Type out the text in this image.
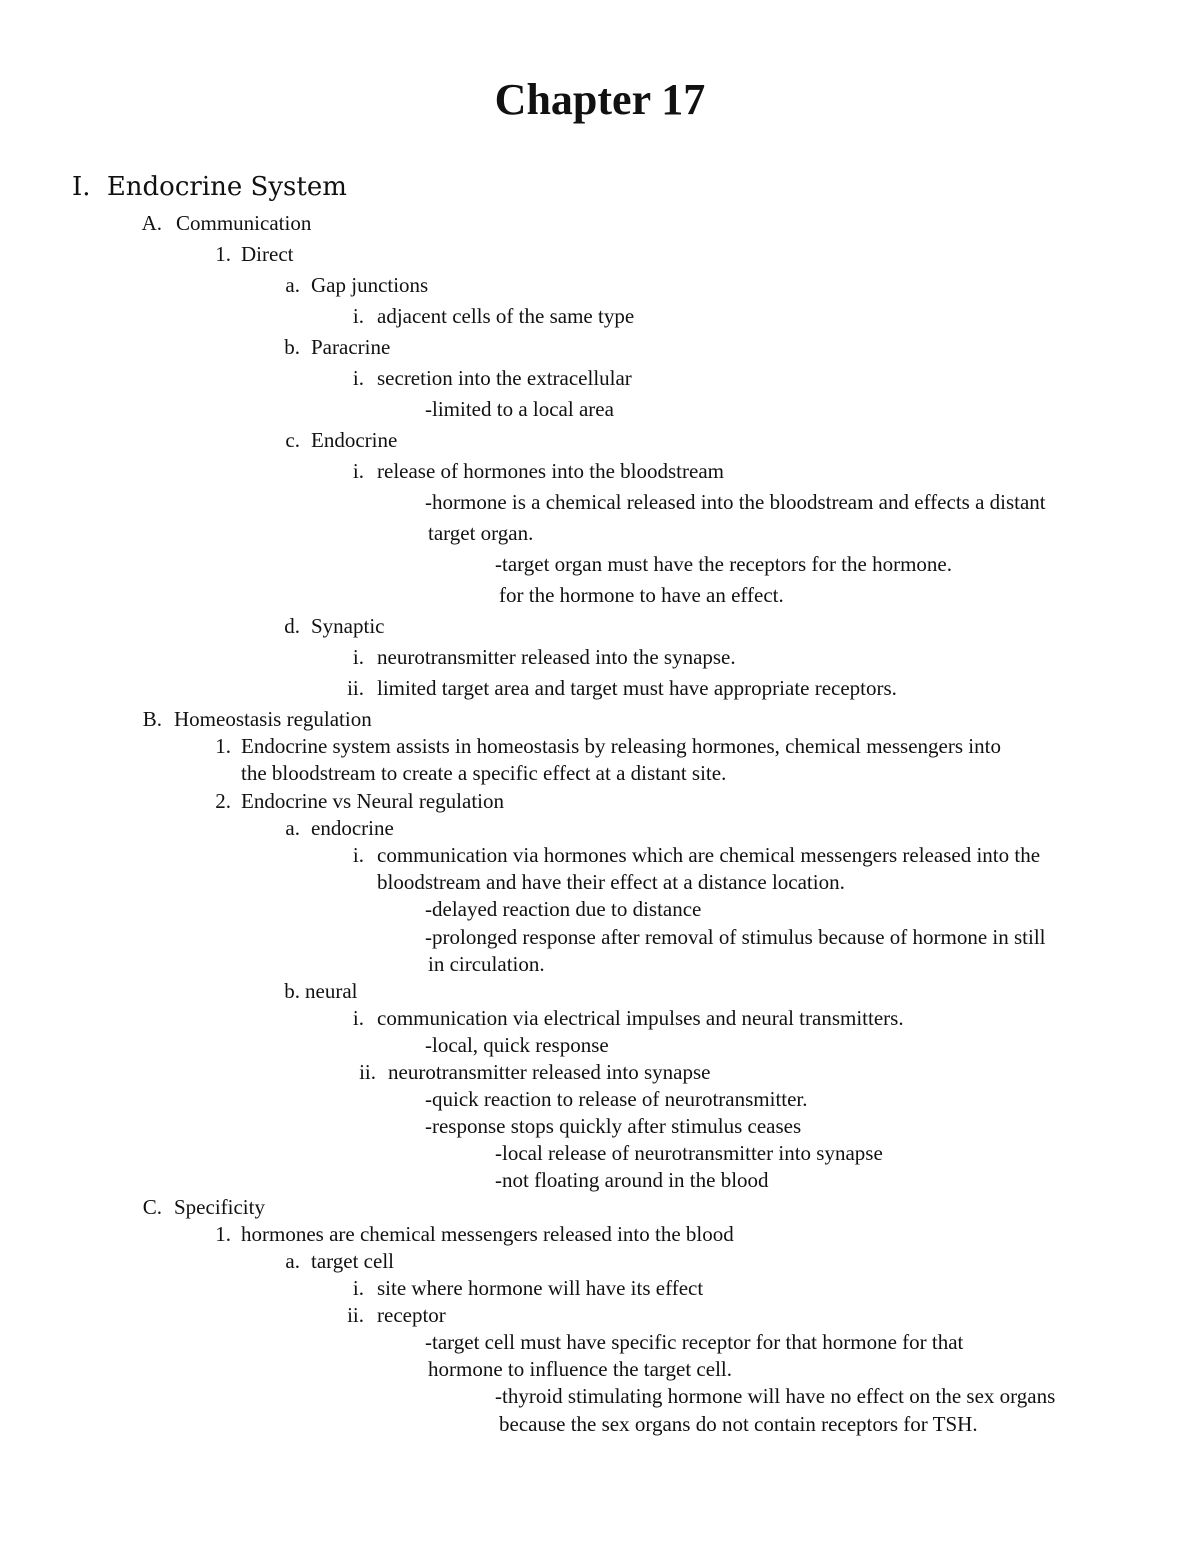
Chapter 17
I. Endocrine System
A. Communication
1. Direct
a. Gap junctions
i. adjacent cells of the same type
b. Paracrine
i. secretion into the extracellular
-limited to a local area
c. Endocrine
i. release of hormones into the bloodstream
-hormone is a chemical released into the bloodstream and effects a distant
target organ.
-target organ must have the receptors for the hormone.
for the hormone to have an effect.
d. Synaptic
i. neurotransmitter released into the synapse.
ii. limited target area and target must have appropriate receptors.
B. Homeostasis regulation
1. Endocrine system assists in homeostasis by releasing hormones, chemical messengers into
the bloodstream to create a specific effect at a distant site.
2. Endocrine vs Neural regulation
a. endocrine
i. communication via hormones which are chemical messengers released into the
bloodstream and have their effect at a distance location.
-delayed reaction due to distance
-prolonged response after removal of stimulus because of hormone in still
in circulation.
b. neural
i. communication via electrical impulses and neural transmitters.
-local, quick response
ii. neurotransmitter released into synapse
-quick reaction to release of neurotransmitter.
-response stops quickly after stimulus ceases
-local release of neurotransmitter into synapse
-not floating around in the blood
C. Specificity
1. hormones are chemical messengers released into the blood
a. target cell
i. site where hormone will have its effect
ii. receptor
-target cell must have specific receptor for that hormone for that
hormone to influence the target cell.
-thyroid stimulating hormone will have no effect on the sex organs
because the sex organs do not contain receptors for TSH.
